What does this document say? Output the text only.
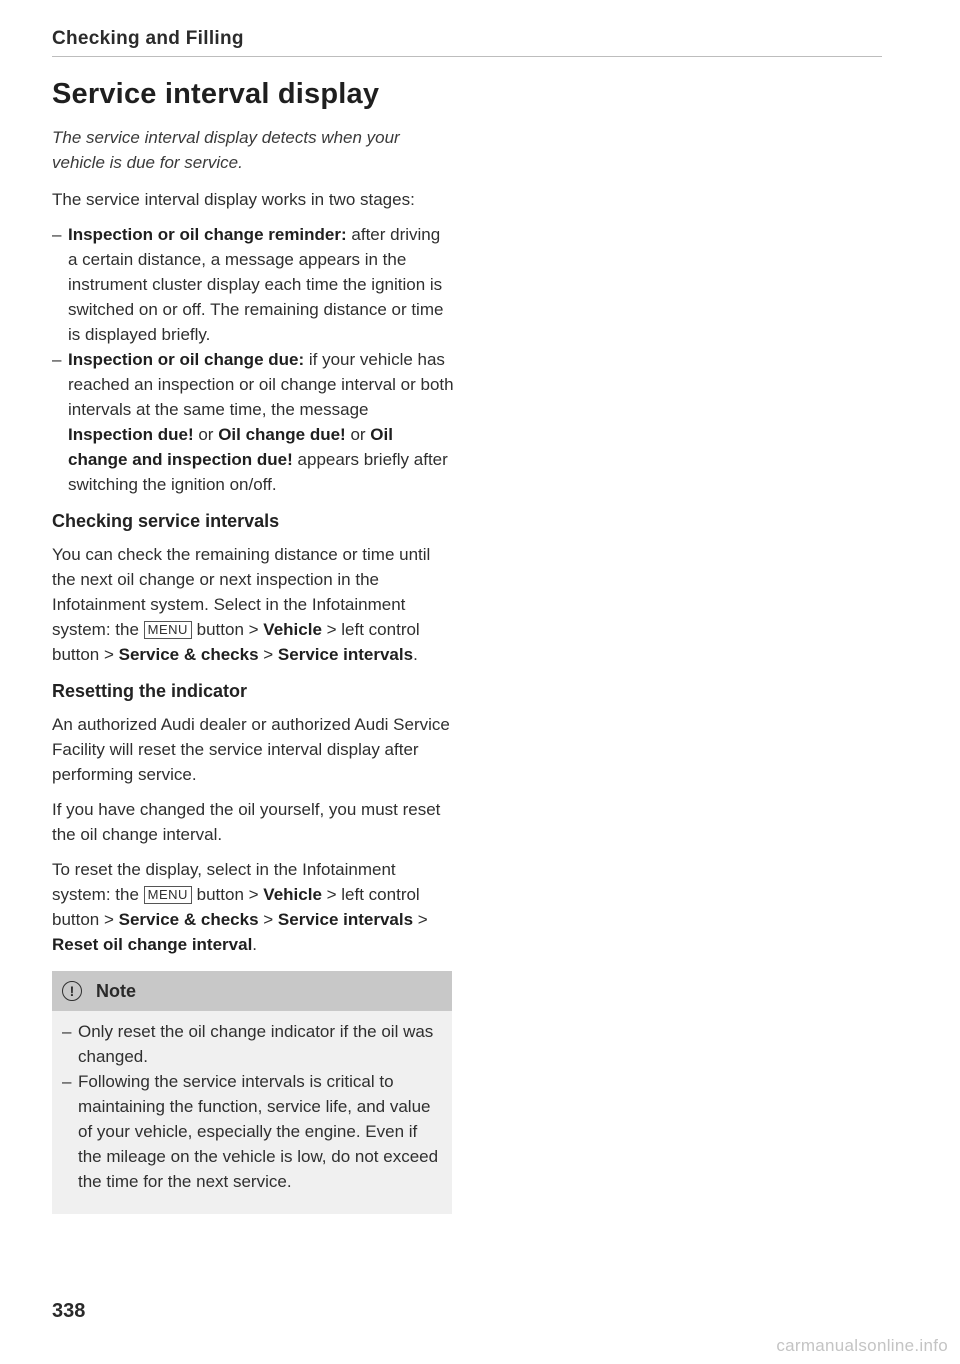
Checking and Filling
Service interval display

The service interval display detects when your vehicle is due for service.

The service interval display works in two stages:

– Inspection or oil change reminder: after driving a certain distance, a message appears in the instrument cluster display each time the ignition is switched on or off. The remaining distance or time is displayed briefly.
– Inspection or oil change due: if your vehicle has reached an inspection or oil change interval or both intervals at the same time, the message Inspection due! or Oil change due! or Oil change and inspection due! appears briefly after switching the ignition on/off.
Checking service intervals

You can check the remaining distance or time until the next oil change or next inspection in the Infotainment system. Select in the Infotainment system: the MENU button > Vehicle > left control button > Service & checks > Service intervals.

Resetting the indicator

An authorized Audi dealer or authorized Audi Service Facility will reset the service interval display after performing service.

If you have changed the oil yourself, you must reset the oil change interval.

To reset the display, select in the Infotainment system: the MENU button > Vehicle > left control button > Service & checks > Service intervals > Reset oil change interval.

!	Note
– Only reset the oil change indicator if the oil was changed.
– Following the service intervals is critical to maintaining the function, service life, and value of your vehicle, especially the engine. Even if the mileage on the vehicle is low, do not exceed the time for the next service.
338
carmanualsonline.info
